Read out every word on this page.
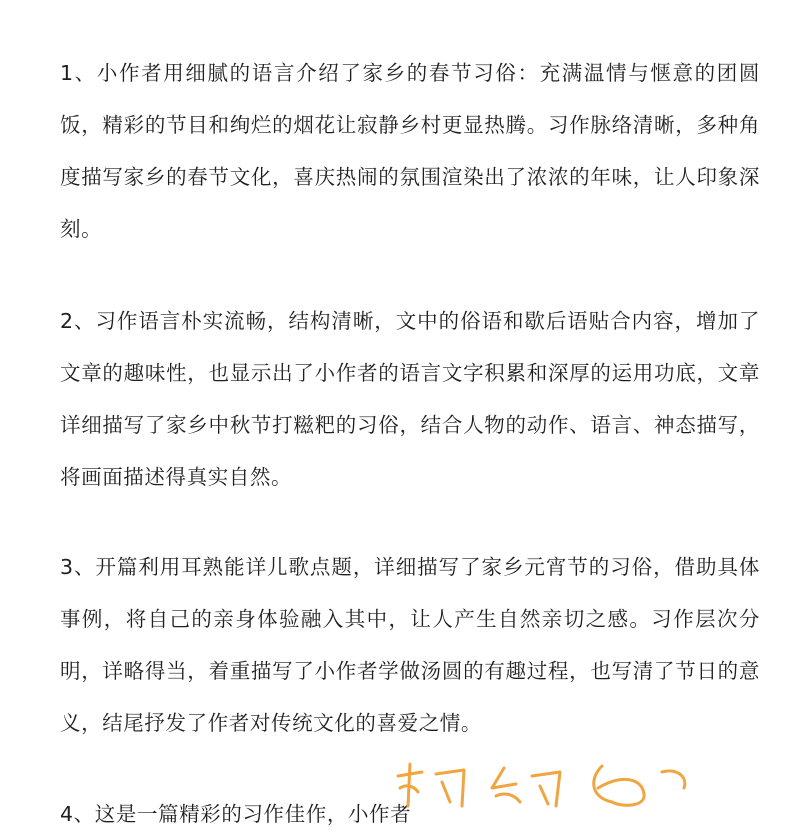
1、小作者用细腻的语言介绍了家乡的春节习俗：充满温情与惬意的团圆饭，精彩的节目和绚烂的烟花让寂静乡村更显热腾。习作脉络清晰，多种角度描写家乡的春节文化，喜庆热闹的氛围渲染出了浓浓的年味，让人印象深刻。

2、习作语言朴实流畅，结构清晰，文中的俗语和歇后语贴合内容，增加了文章的趣味性，也显示出了小作者的语言文字积累和深厚的运用功底，文章详细描写了家乡中秋节打糍粑的习俗，结合人物的动作、语言、神态描写，将画面描述得真实自然。

3、开篇利用耳熟能详儿歌点题，详细描写了家乡元宵节的习俗，借助具体事例，将自己的亲身体验融入其中，让人产生自然亲切之感。习作层次分明，详略得当，着重描写了小作者学做汤圆的有趣过程，也写清了节日的意义，结尾抒发了作者对传统文化的喜爱之情。

4、这是一篇精彩的习作佳作，小作者
